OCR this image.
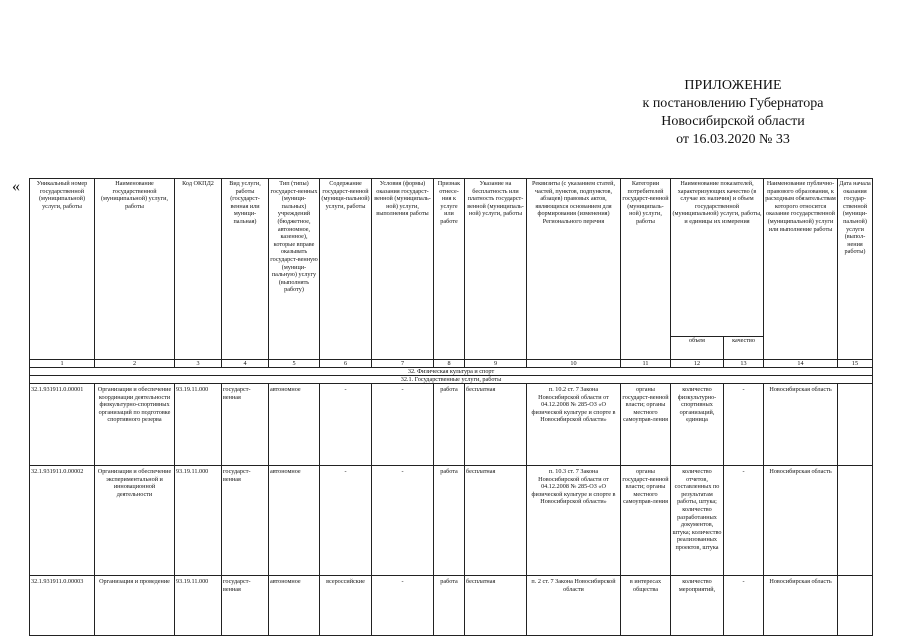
ПРИЛОЖЕНИЕ
к постановлению Губернатора
Новосибирской области
от 16.03.2020 № 33
«	Уникальный номер государственной (муниципальной) услуги, работы	Наименование государственной (муниципальной) услуги, работы	Код ОКПД2	Вид услуги, работы (государст-венная или муници-пальная)	Тип (типы) государст-венных (муници-пальных) учреждений (бюджетное, автономное, казенное), которые вправе оказывать государст-венную (муници-пальную) услугу (выполнять работу)	Содержание государст-венной (муници-пальной) услуги, работы	Условия (формы) оказания государст-венной (муниципаль-ной) услуги, выполнения работы	Признак отнесе-ния к услуге или работе	Указание на бесплатность или платность государст-венной (муниципаль-ной) услуги, работы	Реквизиты (с указанием статей, частей, пунктов, подпунктов, абзацев) правовых актов, являющихся основанием для формирования (изменения) Регионального перечня	Категории потребителей государст-венной (муниципаль-ной) услуги, работы	Наименование показателей, характеризующих качество (в случае их наличия) и объем государственной (муниципальной) услуги, работы, и единицы их измерения		Наименование публично-правового образования, к расходным обязательствам которого относится оказание государственной (муниципальной) услуги или выполнение работы	Дата начала оказания государ-ственной (муници-пальной) услуги (выпол-нения работы)
											объем	качество		
1	2	3	4	5	6	7	8	9	10	11	12	13	14	15
32. Физическая культура и спорт														
32.1. Государственные услуги, работы														
32.1.931911.0.00001	Организация и обеспечение координации деятельности физкультурно-спортивных организаций по подготовке спортивного резерва	93.19.11.000	государст-венная	автономное	-	-	работа	бесплатная	п. 10.2 ст. 7 Закона Новосибирской области от 04.12.2008 № 285-ОЗ «О физической культуре и спорте в Новосибирской области»	органы государст-венной власти; органы местного самоуправ-ления	количество физкультурно-спортивных организаций, единица	-	Новосибирская область	
32.1.931911.0.00002	Организация и обеспечение экспериментальной и инновационной деятельности	93.19.11.000	государст-венная	автономное	-	-	работа	бесплатная	п. 10.3 ст. 7 Закона Новосибирской области от 04.12.2008 № 285-ОЗ «О физической культуре и спорте в Новосибирской области»	органы государст-венной власти; органы местного самоуправ-ления	количество отчетов, составленных по результатам работы, штука; количество разработанных документов, штука; количество реализованных проектов, штука	-	Новосибирская область	
32.1.931911.0.00003	Организация и проведение	93.19.11.000	государст-венная	автономное	всероссийские	-	работа	бесплатная	п. 2 ст. 7 Закона Новосибирской области	в интересах общества	количество мероприятий,	-	Новосибирская область	
